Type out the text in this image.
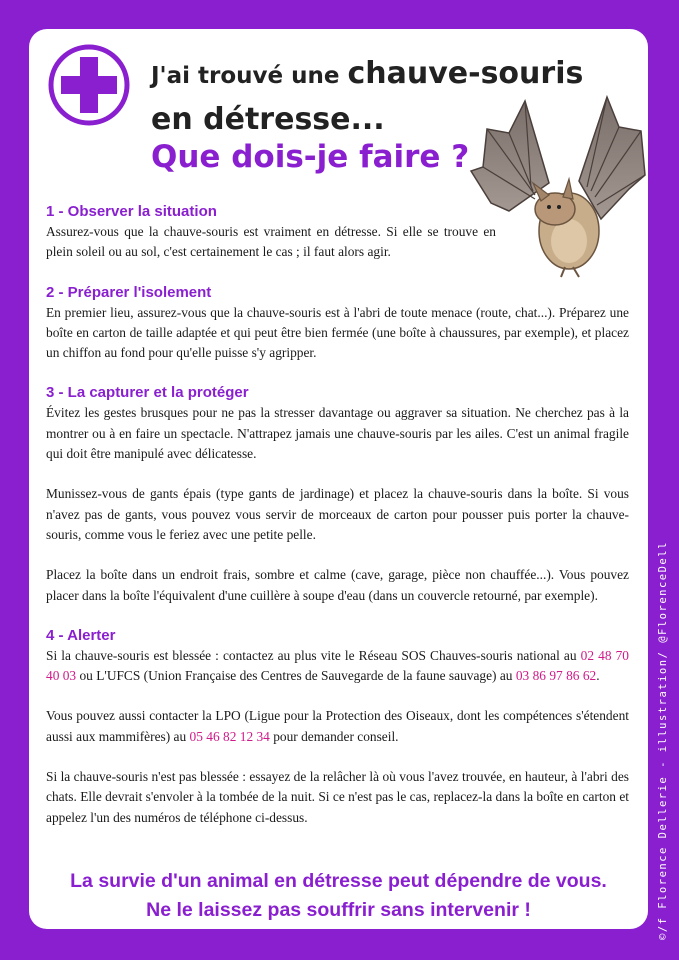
J'ai trouvé une chauve-souris
en détresse...
Que dois-je faire ?
1 - Observer la situation

Assurez-vous que la chauve-souris est vraiment en détresse. Si elle se trouve en plein soleil ou au sol, c'est certainement le cas ; il faut alors agir.

2 - Préparer l'isolement

En premier lieu, assurez-vous que la chauve-souris est à l'abri de toute menace (route, chat...). Préparez une boîte en carton de taille adaptée et qui peut être bien fermée (une boîte à chaussures, par exemple), et placez un chiffon au fond pour qu'elle puisse s'y agripper.

3 - La capturer et la protéger

Évitez les gestes brusques pour ne pas la stresser davantage ou aggraver sa situation. Ne cherchez pas à la montrer ou à en faire un spectacle. N'attrapez jamais une chauve-souris par les ailes. C'est un animal fragile qui doit être manipulé avec délicatesse.

Munissez-vous de gants épais (type gants de jardinage) et placez la chauve-souris dans la boîte. Si vous n'avez pas de gants, vous pouvez vous servir de morceaux de carton pour pousser puis porter la chauve-souris, comme vous le feriez avec une petite pelle.

Placez la boîte dans un endroit frais, sombre et calme (cave, garage, pièce non chauffée...). Vous pouvez placer dans la boîte l'équivalent d'une cuillère à soupe d'eau (dans un couvercle retourné, par exemple).

4 - Alerter

Si la chauve-souris est blessée : contactez au plus vite le Réseau SOS Chauves-souris national au 02 48 70 40 03 ou L'UFCS (Union Française des Centres de Sauvegarde de la faune sauvage) au 03 86 97 86 62.

Vous pouvez aussi contacter la LPO (Ligue pour la Protection des Oiseaux, dont les compétences s'étendent aussi aux mammifères) au 05 46 82 12 34 pour demander conseil.

Si la chauve-souris n'est pas blessée : essayez de la relâcher là où vous l'avez trouvée, en hauteur, à l'abri des chats. Elle devrait s'envoler à la tombée de la nuit. Si ce n'est pas le cas, replacez-la dans la boîte en carton et appelez l'un des numéros de téléphone ci-dessus.

La survie d'un animal en détresse peut dépendre de vous.
Ne le laissez pas souffrir sans intervenir !	©/f Florence Dellerie - illustration/ @FlorenceDell
